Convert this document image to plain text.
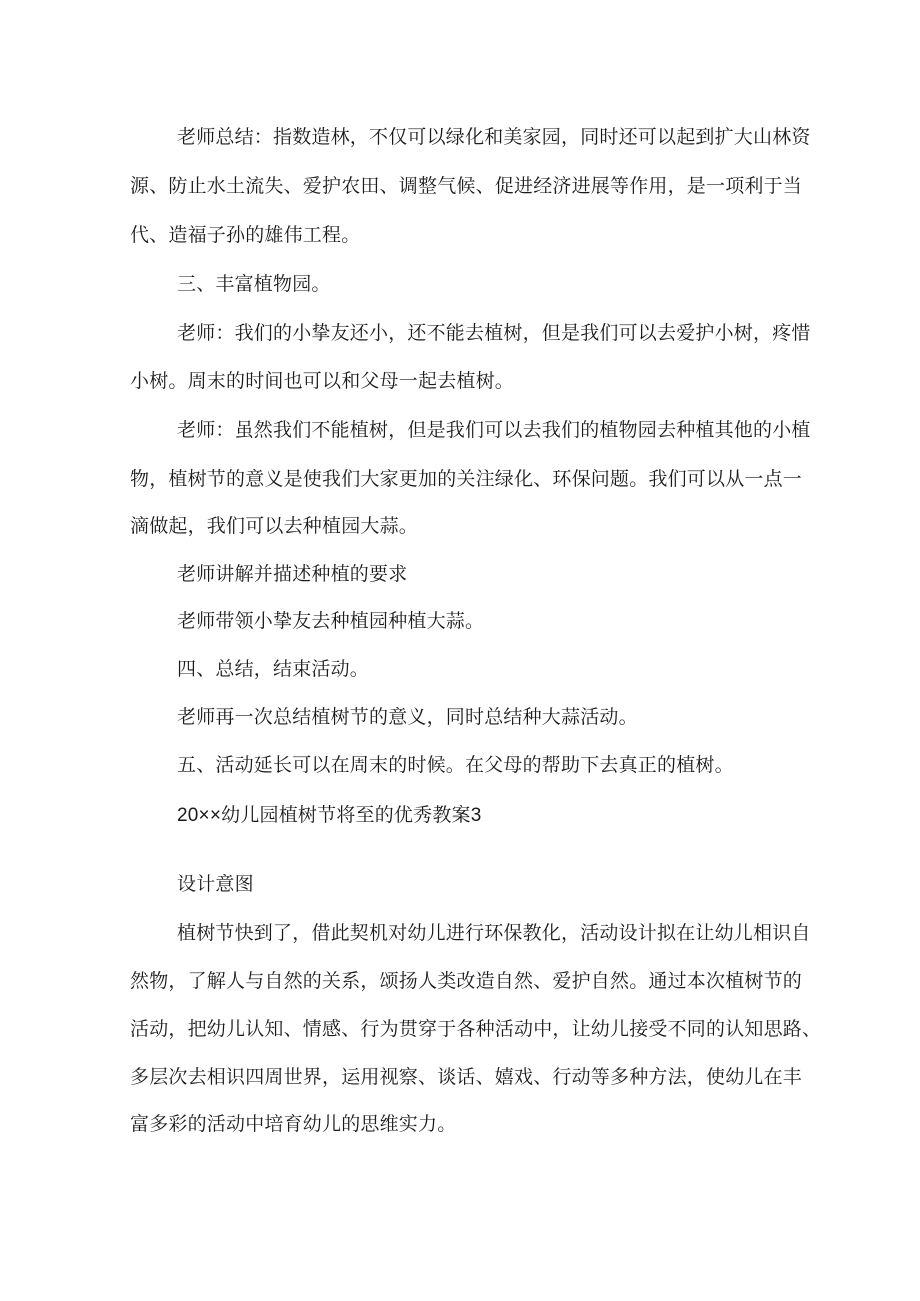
老师总结：指数造林，不仅可以绿化和美家园，同时还可以起到扩大山林资
源、防止水土流失、爱护农田、调整气候、促进经济进展等作用，是一项利于当
代、造福子孙的雄伟工程。
三、丰富植物园。
老师：我们的小挚友还小，还不能去植树，但是我们可以去爱护小树，疼惜
小树。周末的时间也可以和父母一起去植树。
老师：虽然我们不能植树，但是我们可以去我们的植物园去种植其他的小植
物，植树节的意义是使我们大家更加的关注绿化、环保问题。我们可以从一点一
滴做起，我们可以去种植园大蒜。
老师讲解并描述种植的要求
老师带领小挚友去种植园种植大蒜。
四、总结，结束活动。
老师再一次总结植树节的意义，同时总结种大蒜活动。
五、活动延长可以在周末的时候。在父母的帮助下去真正的植树。
20××幼儿园植树节将至的优秀教案3
设计意图
植树节快到了，借此契机对幼儿进行环保教化，活动设计拟在让幼儿相识自
然物，了解人与自然的关系，颂扬人类改造自然、爱护自然。通过本次植树节的
活动，把幼儿认知、情感、行为贯穿于各种活动中，让幼儿接受不同的认知思路、
多层次去相识四周世界，运用视察、谈话、嬉戏、行动等多种方法，使幼儿在丰
富多彩的活动中培育幼儿的思维实力。
